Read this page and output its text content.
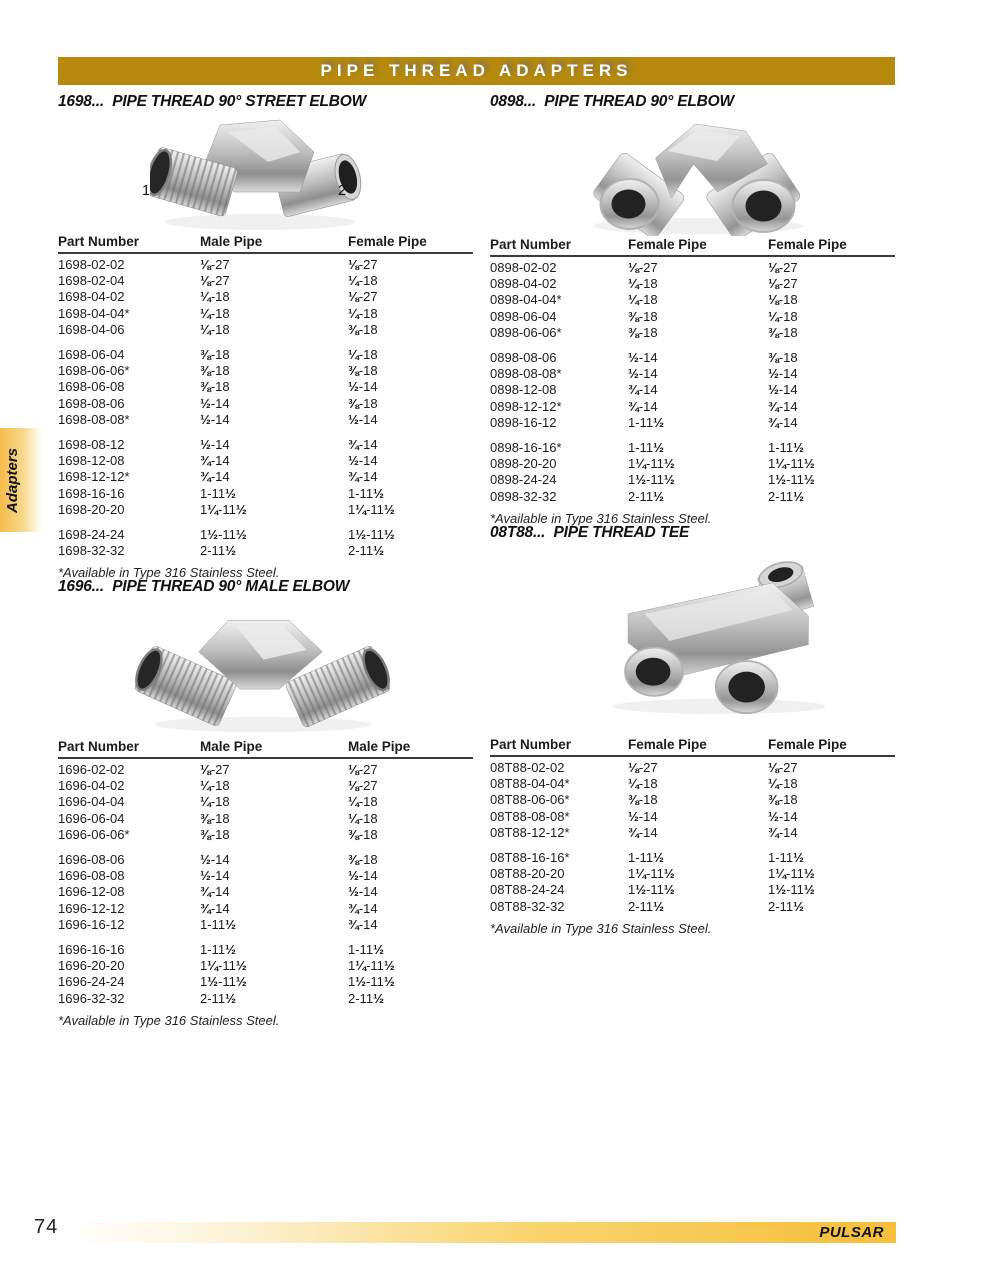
PIPE THREAD ADAPTERS
Adapters
1698...  PIPE THREAD 90° STREET ELBOW
1	2
Part Number	Male Pipe	Female Pipe
1698-02-02	⅛-27	⅛-27
1698-02-04	⅛-27	¼-18
1698-04-02	¼-18	⅛-27
1698-04-04*	¼-18	¼-18
1698-04-06	¼-18	⅜-18
1698-06-04	⅜-18	¼-18
1698-06-06*	⅜-18	⅜-18
1698-06-08	⅜-18	½-14
1698-08-06	½-14	⅜-18
1698-08-08*	½-14	½-14
1698-08-12	½-14	¾-14
1698-12-08	¾-14	½-14
1698-12-12*	¾-14	¾-14
1698-16-16	1-11½	1-11½
1698-20-20	1¼-11½	1¼-11½
1698-24-24	1½-11½	1½-11½
1698-32-32	2-11½	2-11½
*Available in Type 316 Stainless Steel.
0898...  PIPE THREAD 90° ELBOW
Part Number	Female Pipe	Female Pipe
0898-02-02	⅛-27	⅛-27
0898-04-02	¼-18	⅛-27
0898-04-04*	¼-18	⅛-18
0898-06-04	⅜-18	¼-18
0898-06-06*	⅜-18	⅜-18
0898-08-06	½-14	⅜-18
0898-08-08*	½-14	½-14
0898-12-08	¾-14	½-14
0898-12-12*	¾-14	¾-14
0898-16-12	1-11½	¾-14
0898-16-16*	1-11½	1-11½
0898-20-20	1¼-11½	1¼-11½
0898-24-24	1½-11½	1½-11½
0898-32-32	2-11½	2-11½
*Available in Type 316 Stainless Steel.
1696...  PIPE THREAD 90° MALE ELBOW
Part Number	Male Pipe	Male Pipe
1696-02-02	⅛-27	⅛-27
1696-04-02	¼-18	⅛-27
1696-04-04	¼-18	¼-18
1696-06-04	⅜-18	¼-18
1696-06-06*	⅜-18	⅜-18
1696-08-06	½-14	⅜-18
1696-08-08	½-14	½-14
1696-12-08	¾-14	½-14
1696-12-12	¾-14	¾-14
1696-16-12	1-11½	¾-14
1696-16-16	1-11½	1-11½
1696-20-20	1¼-11½	1¼-11½
1696-24-24	1½-11½	1½-11½
1696-32-32	2-11½	2-11½
*Available in Type 316 Stainless Steel.
08T88...  PIPE THREAD TEE
Part Number	Female Pipe	Female Pipe
08T88-02-02	⅛-27	⅛-27
08T88-04-04*	¼-18	¼-18
08T88-06-06*	⅜-18	⅜-18
08T88-08-08*	½-14	½-14
08T88-12-12*	¾-14	¾-14
08T88-16-16*	1-11½	1-11½
08T88-20-20	1¼-11½	1¼-11½
08T88-24-24	1½-11½	1½-11½
08T88-32-32	2-11½	2-11½
*Available in Type 316 Stainless Steel.
74	PULSAR
